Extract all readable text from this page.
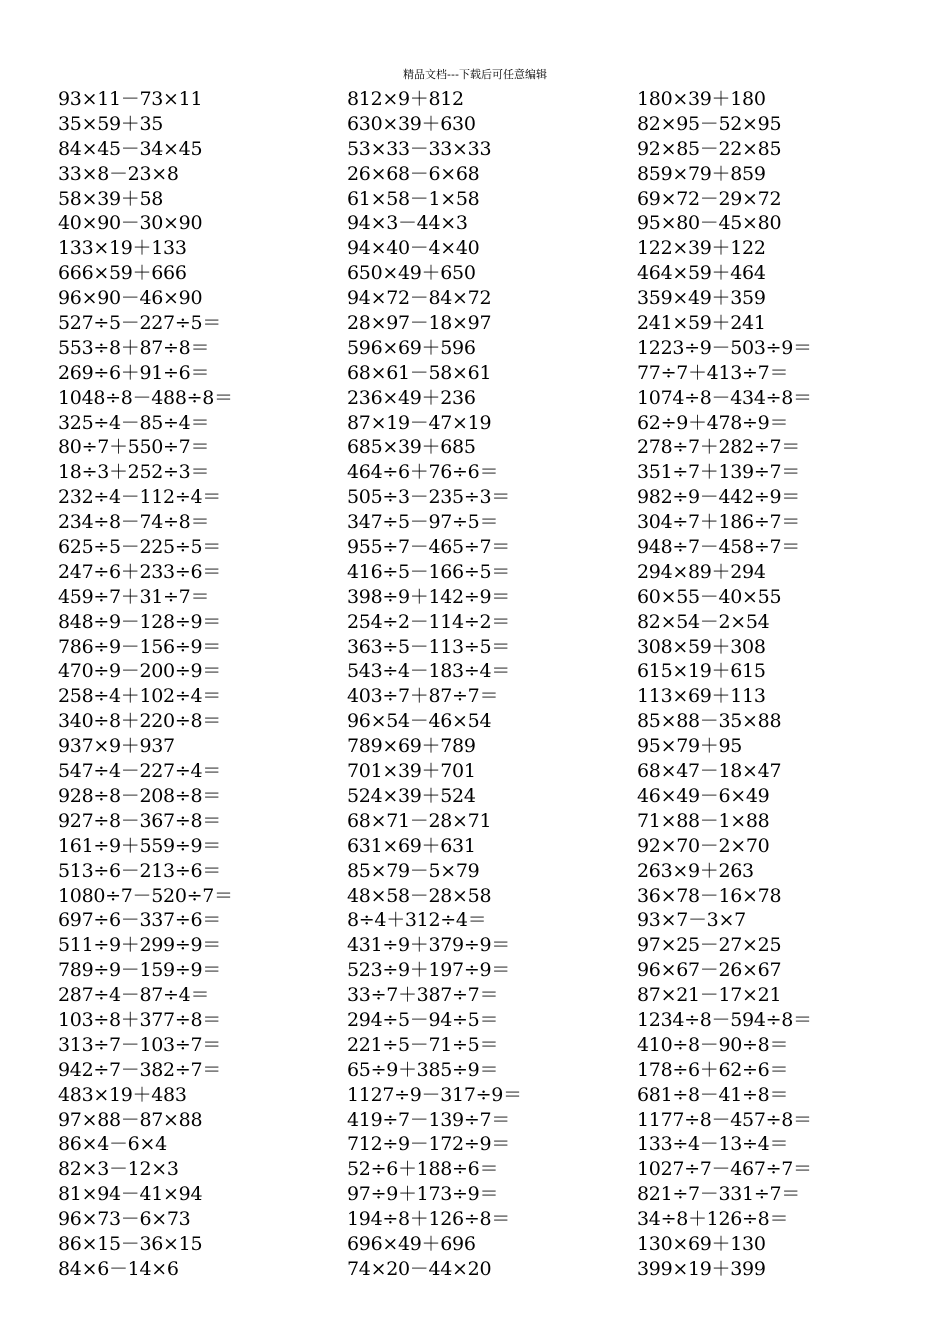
精品文档---下载后可任意编辑
93×11－73×11
35×59＋35
84×45－34×45
33×8－23×8
58×39＋58
40×90－30×90
133×19＋133
666×59＋666
96×90－46×90
527÷5－227÷5＝
553÷8＋87÷8＝
269÷6＋91÷6＝
1048÷8－488÷8＝
325÷4－85÷4＝
80÷7＋550÷7＝
18÷3＋252÷3＝
232÷4－112÷4＝
234÷8－74÷8＝
625÷5－225÷5＝
247÷6＋233÷6＝
459÷7＋31÷7＝
848÷9－128÷9＝
786÷9－156÷9＝
470÷9－200÷9＝
258÷4＋102÷4＝
340÷8＋220÷8＝
937×9＋937
547÷4－227÷4＝
928÷8－208÷8＝
927÷8－367÷8＝
161÷9＋559÷9＝
513÷6－213÷6＝
1080÷7－520÷7＝
697÷6－337÷6＝
511÷9＋299÷9＝
789÷9－159÷9＝
287÷4－87÷4＝
103÷8＋377÷8＝
313÷7－103÷7＝
942÷7－382÷7＝
483×19＋483
97×88－87×88
86×4－6×4
82×3－12×3
81×94－41×94
96×73－6×73
86×15－36×15
84×6－14×6
812×9＋812
630×39＋630
53×33－33×33
26×68－6×68
61×58－1×58
94×3－44×3
94×40－4×40
650×49＋650
94×72－84×72
28×97－18×97
596×69＋596
68×61－58×61
236×49＋236
87×19－47×19
685×39＋685
464÷6＋76÷6＝
505÷3－235÷3＝
347÷5－97÷5＝
955÷7－465÷7＝
416÷5－166÷5＝
398÷9＋142÷9＝
254÷2－114÷2＝
363÷5－113÷5＝
543÷4－183÷4＝
403÷7＋87÷7＝
96×54－46×54
789×69＋789
701×39＋701
524×39＋524
68×71－28×71
631×69＋631
85×79－5×79
48×58－28×58
8÷4＋312÷4＝
431÷9＋379÷9＝
523÷9＋197÷9＝
33÷7＋387÷7＝
294÷5－94÷5＝
221÷5－71÷5＝
65÷9＋385÷9＝
1127÷9－317÷9＝
419÷7－139÷7＝
712÷9－172÷9＝
52÷6＋188÷6＝
97÷9＋173÷9＝
194÷8＋126÷8＝
696×49＋696
74×20－44×20
180×39＋180
82×95－52×95
92×85－22×85
859×79＋859
69×72－29×72
95×80－45×80
122×39＋122
464×59＋464
359×49＋359
241×59＋241
1223÷9－503÷9＝
77÷7＋413÷7＝
1074÷8－434÷8＝
62÷9＋478÷9＝
278÷7＋282÷7＝
351÷7＋139÷7＝
982÷9－442÷9＝
304÷7＋186÷7＝
948÷7－458÷7＝
294×89＋294
60×55－40×55
82×54－2×54
308×59＋308
615×19＋615
113×69＋113
85×88－35×88
95×79＋95
68×47－18×47
46×49－6×49
71×88－1×88
92×70－2×70
263×9＋263
36×78－16×78
93×7－3×7
97×25－27×25
96×67－26×67
87×21－17×21
1234÷8－594÷8＝
410÷8－90÷8＝
178÷6＋62÷6＝
681÷8－41÷8＝
1177÷8－457÷8＝
133÷4－13÷4＝
1027÷7－467÷7＝
821÷7－331÷7＝
34÷8＋126÷8＝
130×69＋130
399×19＋399
